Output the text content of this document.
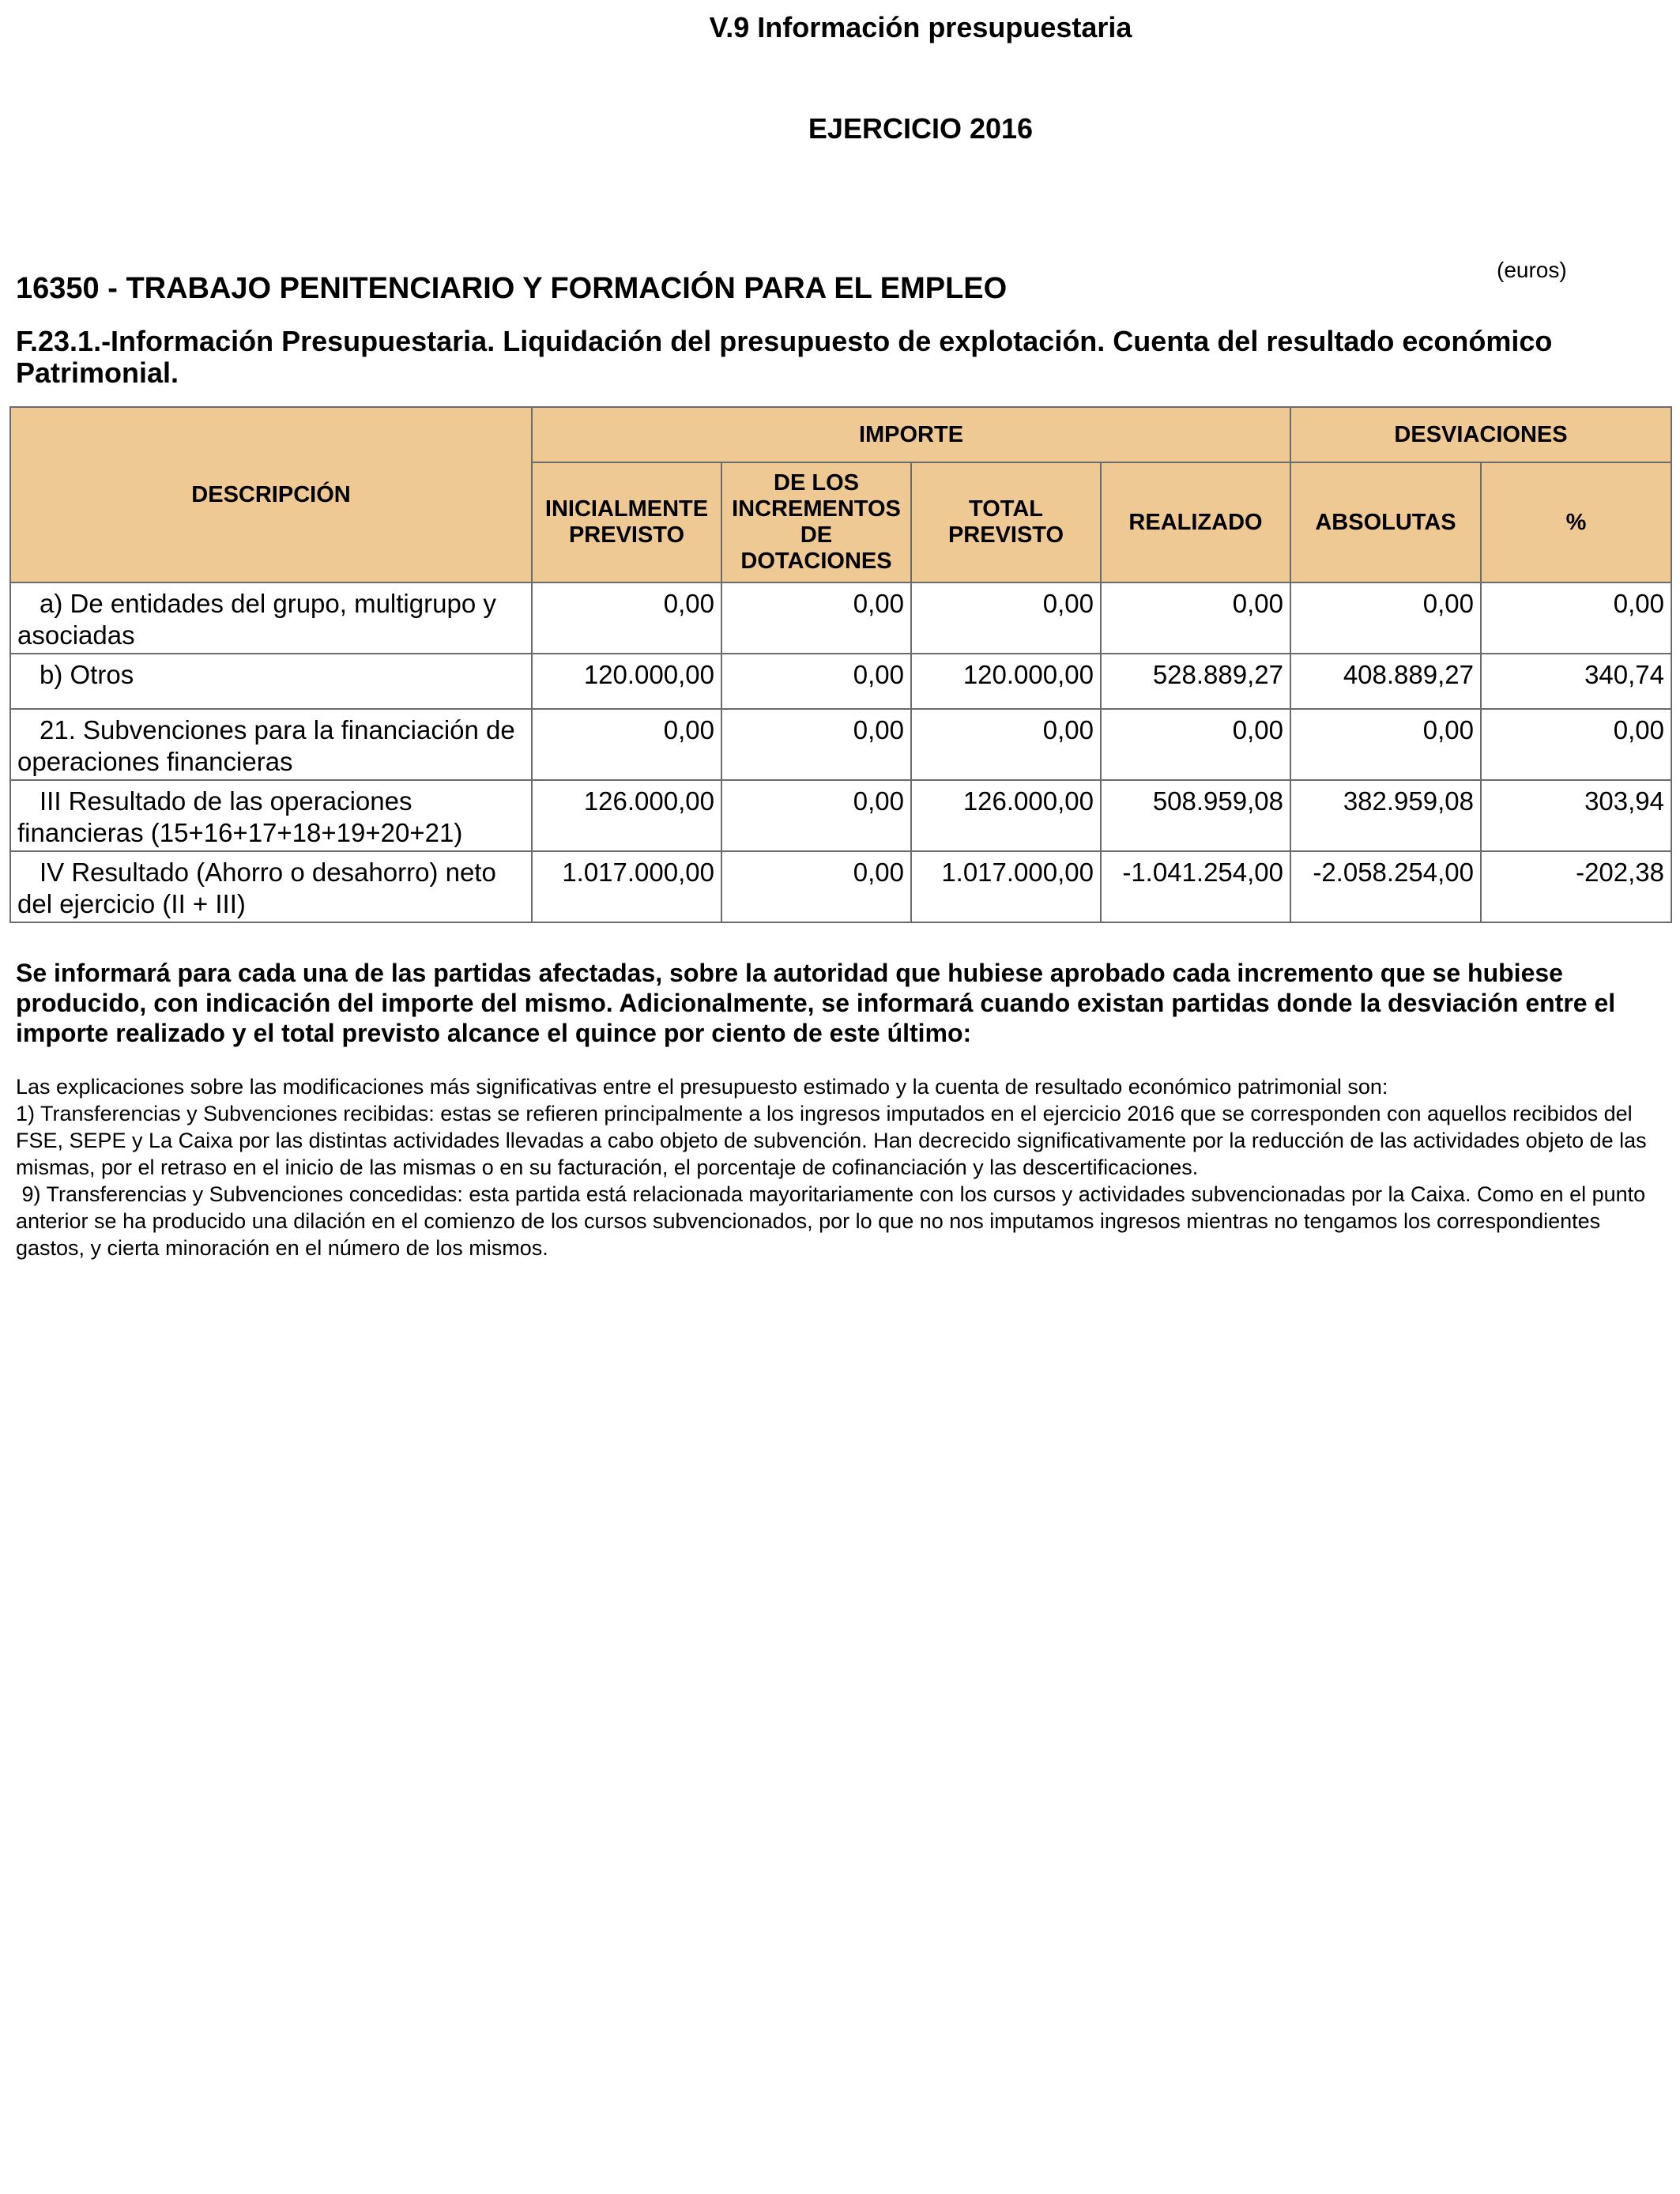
V.9 Información presupuestaria
EJERCICIO 2016
(euros)
16350 - TRABAJO PENITENCIARIO Y FORMACIÓN PARA EL EMPLEO
F.23.1.-Información Presupuestaria. Liquidación del presupuesto de explotación. Cuenta del resultado económico Patrimonial.
DESCRIPCIÓN	IMPORTE				DESVIACIONES	
	INICIALMENTE PREVISTO	DE LOS INCREMENTOS DE DOTACIONES	TOTAL PREVISTO	REALIZADO	ABSOLUTAS	%
a) De entidades del grupo, multigrupo y asociadas	0,00	0,00	0,00	0,00	0,00	0,00
b) Otros	120.000,00	0,00	120.000,00	528.889,27	408.889,27	340,74
21. Subvenciones para la financiación de operaciones financieras	0,00	0,00	0,00	0,00	0,00	0,00
III Resultado de las operaciones financieras (15+16+17+18+19+20+21)	126.000,00	0,00	126.000,00	508.959,08	382.959,08	303,94
IV Resultado (Ahorro o desahorro) neto del ejercicio (II + III)	1.017.000,00	0,00	1.017.000,00	-1.041.254,00	-2.058.254,00	-202,38
Se informará para cada una de las partidas afectadas, sobre la autoridad que hubiese aprobado cada incremento que se hubiese producido, con indicación del importe del mismo. Adicionalmente, se informará cuando existan partidas donde la desviación entre el importe realizado y el total previsto alcance el quince por ciento de este último:
Las explicaciones sobre las modificaciones más significativas entre el presupuesto estimado y la cuenta de resultado económico patrimonial son:
1) Transferencias y Subvenciones recibidas: estas se refieren principalmente a los ingresos imputados en el ejercicio 2016 que se corresponden con aquellos recibidos del FSE, SEPE y La Caixa por las distintas actividades llevadas a cabo objeto de subvención. Han decrecido significativamente por la reducción de las actividades objeto de las mismas, por el retraso en el inicio de las mismas o en su facturación, el porcentaje de cofinanciación y las descertificaciones.
9) Transferencias y Subvenciones concedidas: esta partida está relacionada mayoritariamente con los cursos y actividades subvencionadas por la Caixa. Como en el punto anterior se ha producido una dilación en el comienzo de los cursos subvencionados, por lo que no nos imputamos ingresos mientras no tengamos los correspondientes gastos, y cierta minoración en el número de los mismos.
